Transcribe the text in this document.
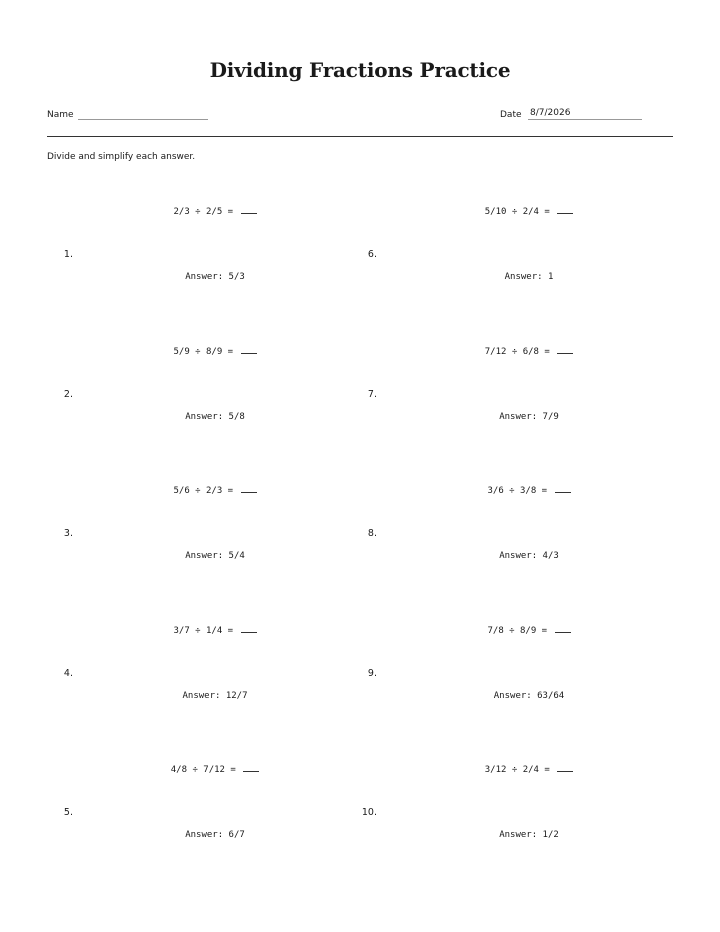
Dividing Fractions Practice
Name	Date 8/7/2026
Divide and simplify each answer.
2/3 ÷ 2/5 =
1.
Answer: 5/3
5/9 ÷ 8/9 =
2.
Answer: 5/8
5/6 ÷ 2/3 =
3.
Answer: 5/4
3/7 ÷ 1/4 =
4.
Answer: 12/7
4/8 ÷ 7/12 =
5.
Answer: 6/7
5/10 ÷ 2/4 =
6.
Answer: 1
7/12 ÷ 6/8 =
7.
Answer: 7/9
3/6 ÷ 3/8 =
8.
Answer: 4/3
7/8 ÷ 8/9 =
9.
Answer: 63/64
3/12 ÷ 2/4 =
10.
Answer: 1/2
